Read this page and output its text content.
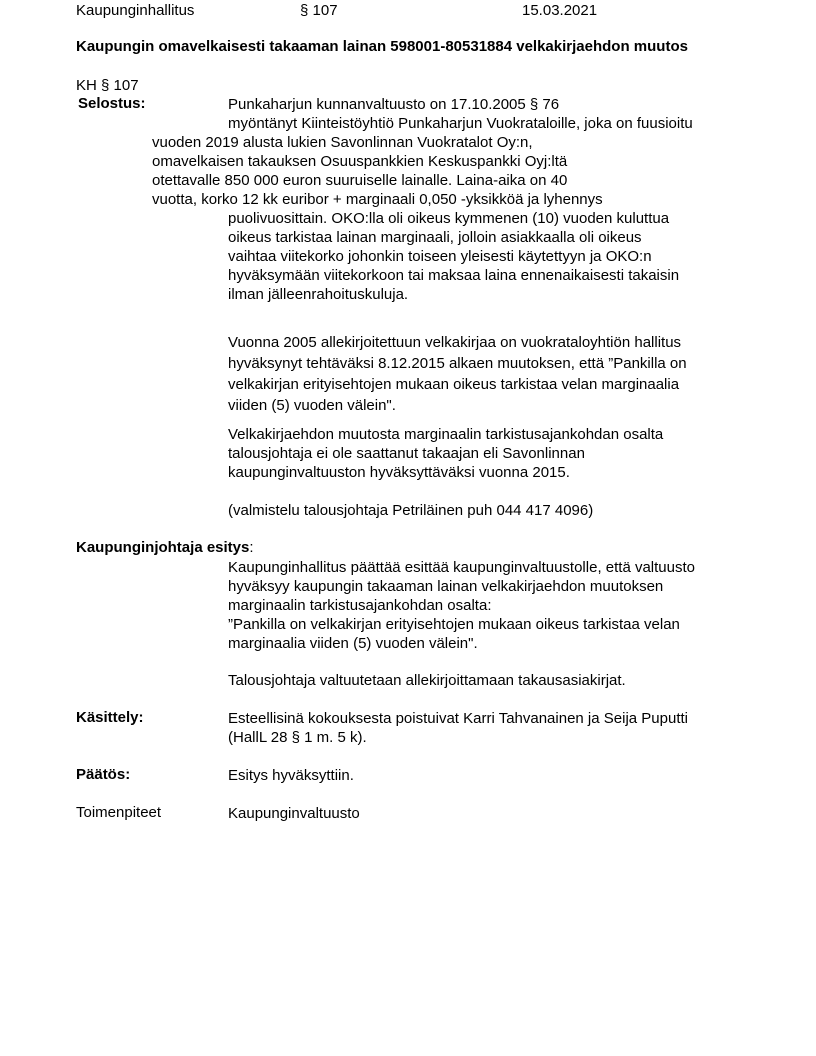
Kaupunginhallitus	§ 107	15.03.2021
Kaupungin omavelkaisesti takaaman lainan 598001-80531884 velkakirjaehdon muutos
KH § 107
Selostus:	Punkaharjun kunnanvaltuusto on 17.10.2005 § 76
myöntänyt Kiinteistöyhtiö Punkaharjun Vuokrataloille, joka on fuusioitu
vuoden 2019 alusta lukien Savonlinnan Vuokratalot Oy:n,
omavelkaisen takauksen Osuuspankkien Keskuspankki Oyj:ltä
otettavalle 850 000 euron suuruiselle lainalle. Laina-aika on 40
vuotta, korko 12 kk euribor + marginaali 0,050 -yksikköä ja lyhennys
puolivuosittain. OKO:lla oli oikeus kymmenen (10) vuoden kuluttua
oikeus tarkistaa lainan marginaali, jolloin asiakkaalla oli oikeus
vaihtaa viitekorko johonkin toiseen yleisesti käytettyyn ja OKO:n
hyväksymään viitekorkoon tai maksaa laina ennenaikaisesti takaisin
ilman jälleenrahoituskuluja.
Vuonna 2005 allekirjoitettuun velkakirjaa on vuokrataloyhtiön hallitus
hyväksynyt tehtäväksi 8.12.2015 alkaen muutoksen, että ”Pankilla on
velkakirjan erityisehtojen mukaan oikeus tarkistaa velan marginaalia
viiden (5) vuoden välein".
Velkakirjaehdon muutosta marginaalin tarkistusajankohdan osalta
talousjohtaja ei ole saattanut takaajan eli Savonlinnan
kaupunginvaltuuston hyväksyttäväksi vuonna 2015.
(valmistelu talousjohtaja Petriläinen puh 044 417 4096)
Kaupunginjohtaja esitys:
Kaupunginhallitus päättää esittää kaupunginvaltuustolle, että valtuusto
hyväksyy kaupungin takaaman lainan velkakirjaehdon muutoksen
marginaalin tarkistusajankohdan osalta:
”Pankilla on velkakirjan erityisehtojen mukaan oikeus tarkistaa velan
marginaalia viiden (5) vuoden välein".
Talousjohtaja valtuutetaan allekirjoittamaan takausasiakirjat.
Käsittely:	Esteellisinä kokouksesta poistuivat Karri Tahvanainen ja Seija Puputti
(HallL 28 § 1 m. 5 k).
Päätös:	Esitys hyväksyttiin.
Toimenpiteet	Kaupunginvaltuusto
